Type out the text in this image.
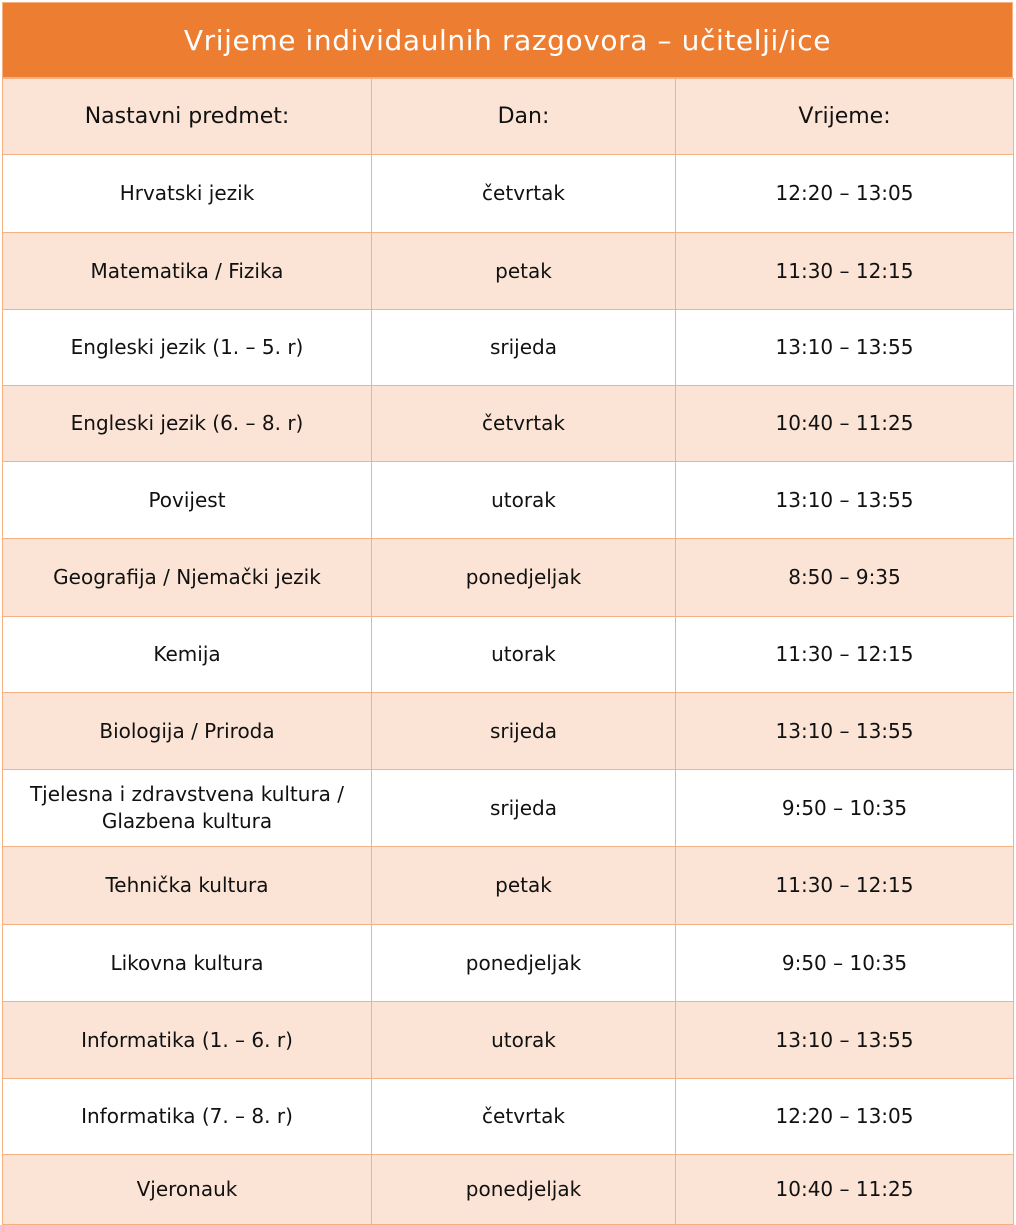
Vrijeme individaulnih razgovora – učitelji/ice
Nastavni predmet:	Dan:	Vrijeme:
Hrvatski jezik	četvrtak	12:20 – 13:05
Matematika / Fizika	petak	11:30 – 12:15
Engleski jezik (1. – 5. r)	srijeda	13:10 – 13:55
Engleski jezik (6. – 8. r)	četvrtak	10:40 – 11:25
Povijest	utorak	13:10 – 13:55
Geografija / Njemački jezik	ponedjeljak	8:50 – 9:35
Kemija	utorak	11:30 – 12:15
Biologija / Priroda	srijeda	13:10 – 13:55
Tjelesna i zdravstvena kultura /
Glazbena kultura	srijeda	9:50 – 10:35
Tehnička kultura	petak	11:30 – 12:15
Likovna kultura	ponedjeljak	9:50 – 10:35
Informatika (1. – 6. r)	utorak	13:10 – 13:55
Informatika (7. – 8. r)	četvrtak	12:20 – 13:05
Vjeronauk	ponedjeljak	10:40 – 11:25
